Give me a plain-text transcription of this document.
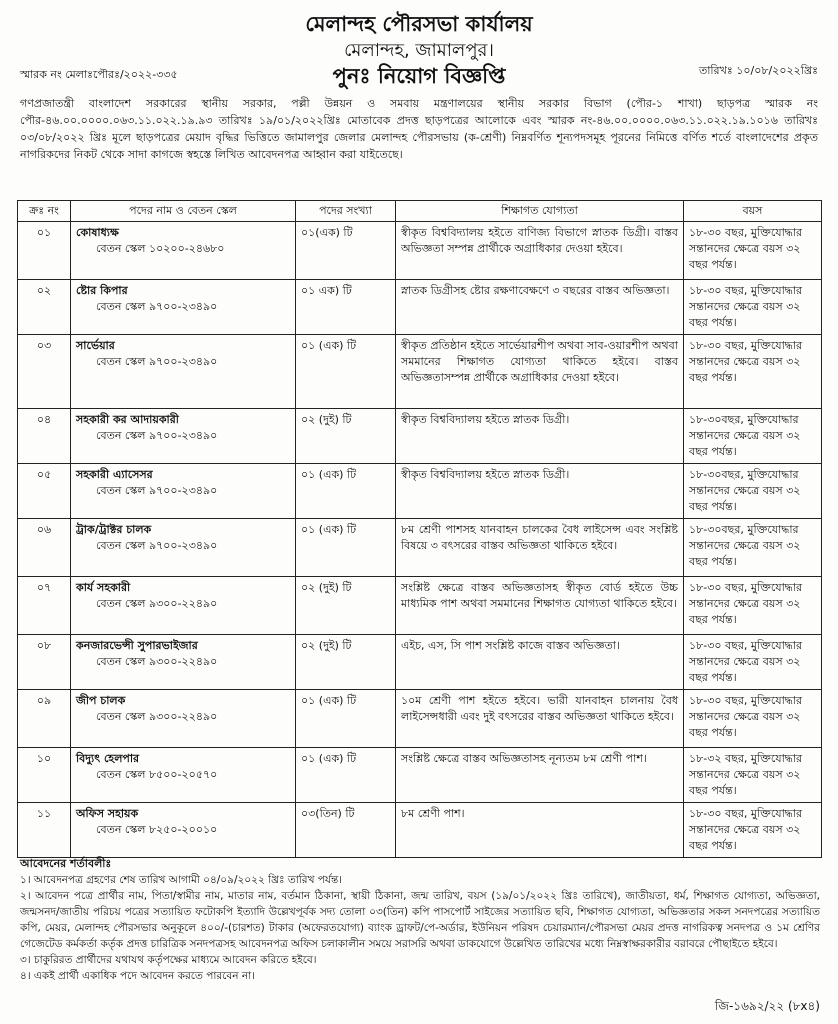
মেলান্দহ পৌরসভা কার্যালয়
মেলান্দহ, জামালপুর।
স্মারক নং মেলাঃপৌরঃ/২০২২-৩৩৫	পুনঃ নিয়োগ বিজ্ঞপ্তি	তারিখঃ ১০/০৮/২০২২খ্রিঃ
গণপ্রজাতন্ত্রী বাংলাদেশ সরকারের স্থানীয় সরকার, পল্লী উন্নয়ন ও সমবায় মন্ত্রণালয়ের স্থানীয় সরকার বিভাগ (পৌর-১ শাখা) ছাড়পত্র স্মারক নং পৌর-৪৬.০০.০০০০.০৬৩.১১.০২২.১৯.৯৩ তারিখঃ ১৯/০১/২০২২খ্রিঃ মোতাবেক প্রদত্ত ছাড়পত্রের আলোকে এবং স্মারক নং-৪৬.০০.০০০০.০৬৩.১১.০২২.১৯.১০১৬ তারিখঃ ০৩/০৮/২০২২ খ্রিঃ মূলে ছাড়পত্রের মেয়াদ বৃদ্ধির ভিত্তিতে জামালপুর জেলার মেলান্দহ পৌরসভায় (ক-শ্রেণী) নিম্নবর্ণিত শূন্যপদসমূহ পূরনের নিমিত্তে বর্ণিত শর্তে বাংলাদেশের প্রকৃত নাগরিকদের নিকট থেকে সাদা কাগজে স্বহস্তে লিখিত আবেদনপত্র আহ্বান করা যাইতেছে।
ক্রঃ নং	পদের নাম ও বেতন স্কেল	পদের সংখ্যা	শিক্ষাগত যোগ্যতা	বয়স
০১	কোষাধ্যক্ষ
বেতন স্কেল ১০২০০-২৪৬৮০	০১(এক) টি	স্বীকৃত বিশ্ববিদ্যালয় হইতে বাণিজ্য বিভাগে স্নাতক ডিগ্রী। বাস্তব অভিজ্ঞতা সম্পন্ন প্রার্থীকে অগ্রাধিকার দেওয়া হইবে।	১৮-৩০ বছর, মুক্তিযোদ্ধার সন্তানদের ক্ষেত্রে বয়স ৩২ বছর পর্যন্ত।
০২	ষ্টোর কিপার
বেতন স্কেল ৯৭০০-২৩৪৯০	০১ এক) টি	স্নাতক ডিগ্রীসহ ষ্টোর রক্ষণাবেক্ষণে ৩ বছরের বাস্তব অভিজ্ঞতা।	১৮-৩০ বছর, মুক্তিযোদ্ধার সন্তানদের ক্ষেত্রে বয়স ৩২ বছর পর্যন্ত।
০৩	সার্ভেয়ার
বেতন স্কেল ৯৭০০-২৩৪৯০	০১ (এক) টি	স্বীকৃত প্রতিষ্ঠান হইতে সার্ভেয়ারশীপ অথবা সাব-ওয়ারশীপ অথবা সমমানের শিক্ষাগত যোগ্যতা থাকিতে হইবে। বাস্তব অভিজ্ঞতাসম্পন্ন প্রার্থীকে অগ্রাধিকার দেওয়া হইবে।	১৮-৩০ বছর, মুক্তিযোদ্ধার সন্তানদের ক্ষেত্রে বয়স ৩২ বছর পর্যন্ত।
০৪	সহকারী কর আদায়কারী
বেতন স্কেল ৯৭০০-২৩৪৯০	০২ (দুই) টি	স্বীকৃত বিশ্ববিদ্যালয় হইতে স্নাতক ডিগ্রী।	১৮-৩০বছর, মুক্তিযোদ্ধার সন্তানদের ক্ষেত্রে বয়স ৩২ বছর পর্যন্ত।
০৫	সহকারী এ্যাসেসর
বেতন স্কেল ৯৭০০-২৩৪৯০	০১ (এক) টি	স্বীকৃত বিশ্ববিদ্যালয় হইতে স্নাতক ডিগ্রী।	১৮-৩০বছর, মুক্তিযোদ্ধার সন্তানদের ক্ষেত্রে বয়স ৩২ বছর পর্যন্ত।
০৬	ট্রাক/ট্রাক্টর চালক
বেতন স্কেল ৯৭০০-২৩৪৯০	০১ (এক) টি	৮ম শ্রেণী পাশসহ যানবাহন চালকের বৈধ লাইসেন্স এবং সংশ্লিষ্ট বিষয়ে ৩ বৎসরের বাস্তব অভিজ্ঞতা থাকিতে হইবে।	১৮-৩০বছর, মুক্তিযোদ্ধার সন্তানদের ক্ষেত্রে বয়স ৩২ বছর পর্যন্ত।
০৭	কার্য সহকারী
বেতন স্কেল ৯৩০০-২২৪৯০	০২ (দুই) টি	সংশ্লিষ্ট ক্ষেত্রে বাস্তব অভিজ্ঞতাসহ স্বীকৃত বোর্ড হইতে উচ্চ মাধ্যমিক পাশ অথবা সমমানের শিক্ষাগত যোগ্যতা থাকিতে হইবে।	১৮-৩০ বছর, মুক্তিযোদ্ধার সন্তানদের ক্ষেত্রে বয়স ৩২ বছর পর্যন্ত।
০৮	কনজারভেন্সী সুপারভাইজার
বেতন স্কেল ৯৩০০-২২৪৯০	০২ (দুই) টি	এইচ, এস, সি পাশ সংশ্লিষ্ট কাজে বাস্তব অভিজ্ঞতা।	১৮-৩০ বছর, মুক্তিযোদ্ধার সন্তানদের ক্ষেত্রে বয়স ৩২ বছর পর্যন্ত।
০৯	জীপ চালক
বেতন স্কেল ৯৩০০-২২৪৯০	০১ (এক) টি	১০ম শ্রেণী পাশ হইতে হইবে। ভারী যানবাহন চালনায় বৈধ লাইসেন্সধারী এবং দুই বৎসরের বাস্তব অভিজ্ঞতা থাকিতে হইবে।	১৮-৩০ বছর, মুক্তিযোদ্ধার সন্তানদের ক্ষেত্রে বয়স ৩২ বছর পর্যন্ত।
১০	বিদ্যুৎ হেলপার
বেতন স্কেল ৮৫০০-২০৫৭০	০১ (এক) টি	সংশ্লিষ্ট ক্ষেত্রে বাস্তব অভিজ্ঞতাসহ নূন্যতম ৮ম শ্রেণী পাশ।	১৮-৩২ বছর, মুক্তিযোদ্ধার সন্তানদের ক্ষেত্রে বয়স ৩২ বছর পর্যন্ত।
১১	অফিস সহায়ক
বেতন স্কেল ৮২৫০-২০০১০	০৩(তিন) টি	৮ম শ্রেণী পাশ।	১৮-৩০ বছর, মুক্তিযোদ্ধার সন্তানদের ক্ষেত্রে বয়স ৩২ বছর পর্যন্ত।
আবেদনের শর্তাবলীঃ
১। আবেদনপত্র গ্রহণের শেষ তারিখ আগামী ০৪/০৯/২০২২ খ্রিঃ তারিখ পর্যন্ত।
২। আবেদন পত্রে প্রার্থীর নাম, পিতা/স্বামীর নাম, মাতার নাম, বর্তমান ঠিকানা, স্থায়ী ঠিকানা, জন্ম তারিখ, বয়স (১৯/০১/২০২২ খ্রিঃ তারিখে), জাতীয়তা, ধর্ম, শিক্ষাগত যোগ্যতা, অভিজ্ঞতা, জন্মসনদ/জাতীয় পরিচয় পত্রের সত্যায়িত ফটোকপি ইত্যাদি উল্লেখপূর্বক সদ্য তোলা ০৩(তিন) কপি পাসপোর্ট সাইজের সত্যায়িত ছবি, শিক্ষাগত যোগ্যতা, অভিজ্ঞতার সকল সনদপত্রের সত্যায়িত কপি, মেয়র, মেলান্দহ পৌরসভার অনুকূলে ৪০০/-(চারশত) টাকার (অফেরতযোগ্য) ব্যাংক ড্রাফট/পে-অর্ডার, ইউনিয়ন পরিষদ চেয়ারম্যান/পৌরসভা মেয়র প্রদত্ত নাগরিকত্ব সনদপত্র ও ১ম শ্রেণির গেজেটেড কর্মকর্তা কর্তৃক প্রদত্ত চারিত্রিক সনদপত্রসহ আবেদনপত্র অফিস চলাকালীন সময়ে সরাসরি অথবা ডাকযোগে উল্লেখিত তারিখের মধ্যে নিম্নস্বাক্ষরকারীর বরাবরে পৌছাইতে হইবে।
৩। চাকুরিরত প্রার্থীদের যথাযথ কর্তৃপক্ষের মাধ্যমে আবেদন করিতে হইবে।
৪। একই প্রার্থী একাধিক পদে আবেদন করতে পারবেন না।
জি-১৬৯২/২২ (৮x৪)
